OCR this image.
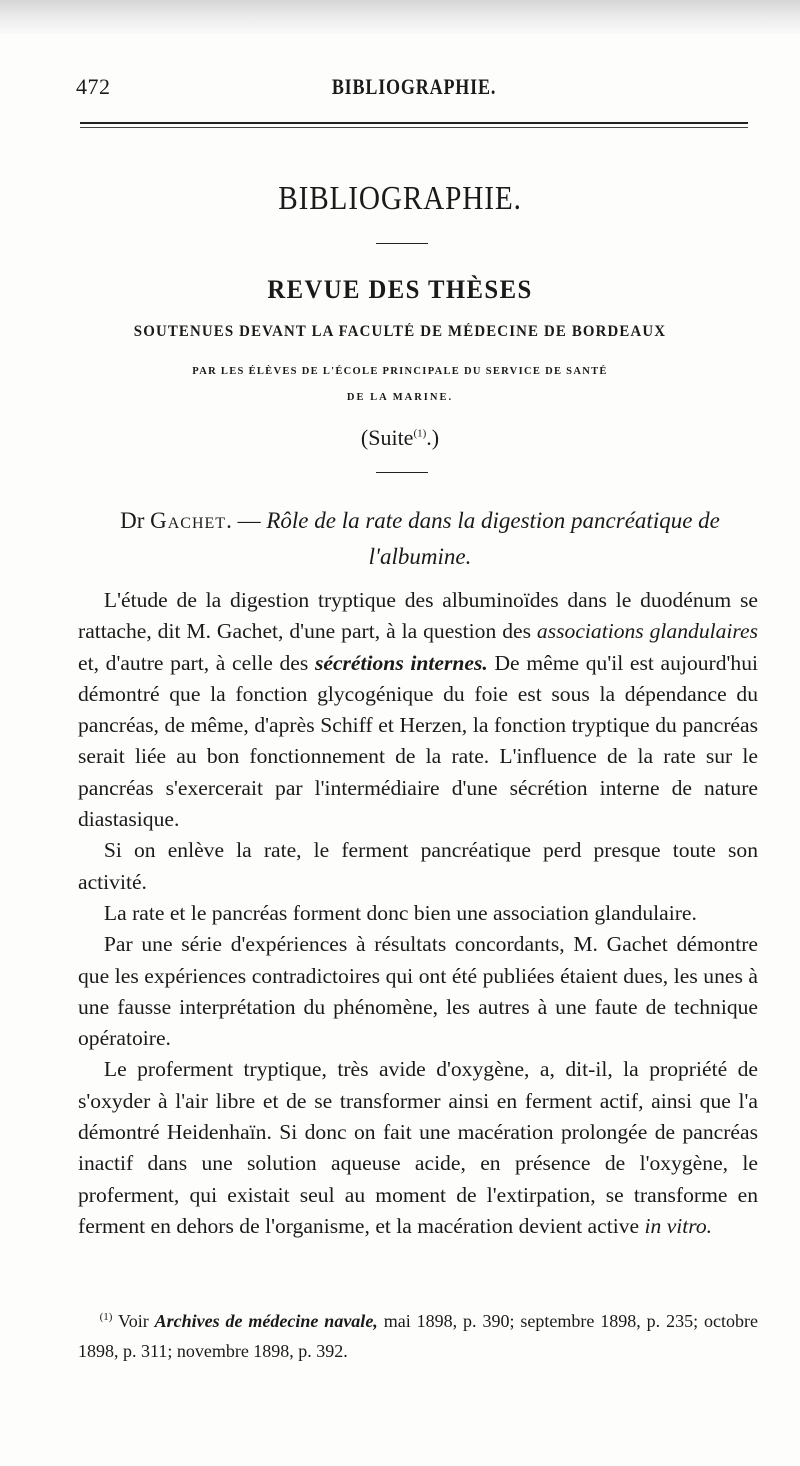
472	BIBLIOGRAPHIE.
BIBLIOGRAPHIE.
REVUE DES THÈSES
SOUTENUES DEVANT LA FACULTÉ DE MÉDECINE DE BORDEAUX
PAR LES ÉLÈVES DE L'ÉCOLE PRINCIPALE DU SERVICE DE SANTÉ
DE LA MARINE.
(Suite$^{(1)}$.)
Dr Gachet. — Rôle de la rate dans la digestion pancréatique de l'albumine.

L'étude de la digestion tryptique des albuminoïdes dans le duodénum se rattache, dit M. Gachet, d'une part, à la question des associations glandulaires et, d'autre part, à celle des sécrétions internes. De même qu'il est aujourd'hui démontré que la fonction glycogénique du foie est sous la dépendance du pancréas, de même, d'après Schiff et Herzen, la fonction tryptique du pancréas serait liée au bon fonctionnement de la rate. L'influence de la rate sur le pancréas s'exercerait par l'intermédiaire d'une sécrétion interne de nature diastasique.

Si on enlève la rate, le ferment pancréatique perd presque toute son activité.

La rate et le pancréas forment donc bien une association glandulaire.

Par une série d'expériences à résultats concordants, M. Gachet démontre que les expériences contradictoires qui ont été publiées étaient dues, les unes à une fausse interprétation du phénomène, les autres à une faute de technique opératoire.

Le proferment tryptique, très avide d'oxygène, a, dit-il, la propriété de s'oxyder à l'air libre et de se transformer ainsi en ferment actif, ainsi que l'a démontré Heidenhaïn. Si donc on fait une macération prolongée de pancréas inactif dans une solution aqueuse acide, en présence de l'oxygène, le proferment, qui existait seul au moment de l'extirpation, se transforme en ferment en dehors de l'organisme, et la macération devient active in vitro.

$^{(1)}$ Voir Archives de médecine navale, mai 1898, p. 390; septembre 1898, p. 235; octobre 1898, p. 311; novembre 1898, p. 392.
